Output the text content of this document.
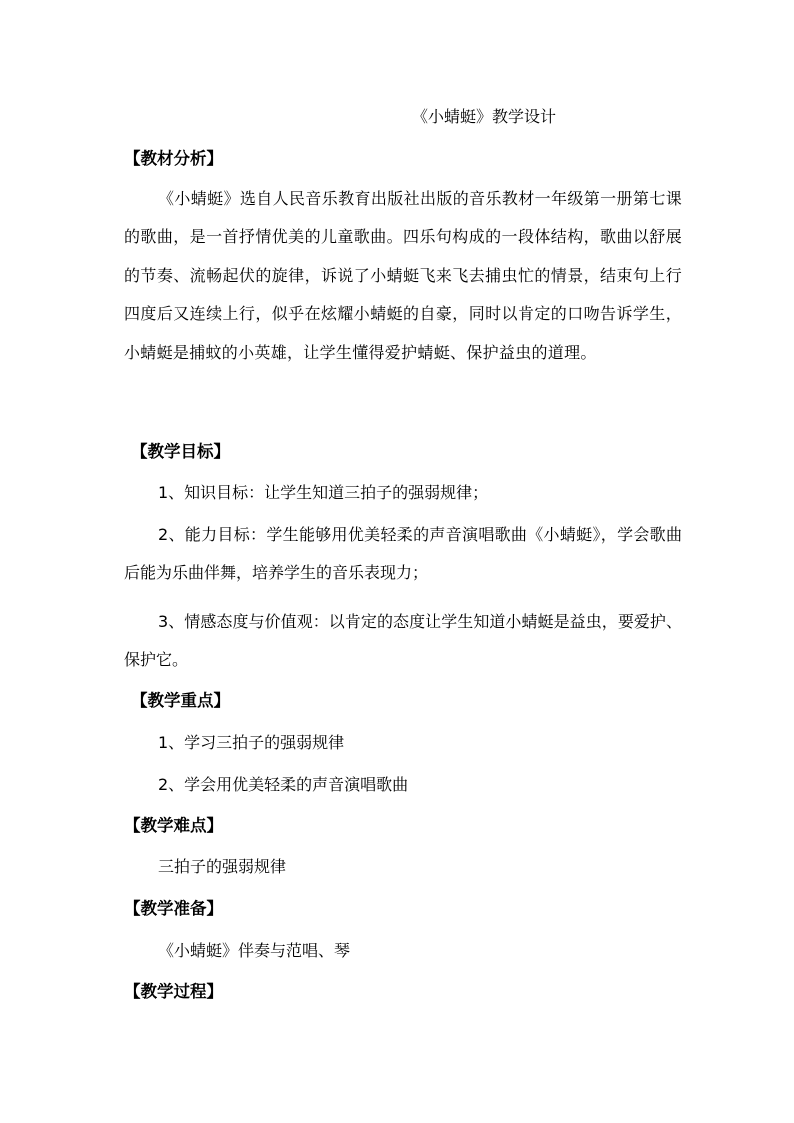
《小蜻蜓》教学设计
【教材分析】
《小蜻蜓》选自人民音乐教育出版社出版的音乐教材一年级第一册第七课的歌曲，是一首抒情优美的儿童歌曲。四乐句构成的一段体结构，歌曲以舒展的节奏、流畅起伏的旋律，诉说了小蜻蜓飞来飞去捕虫忙的情景，结束句上行四度后又连续上行，似乎在炫耀小蜻蜓的自豪，同时以肯定的口吻告诉学生，小蜻蜓是捕蚊的小英雄，让学生懂得爱护蜻蜓、保护益虫的道理。
【教学目标】
1、知识目标：让学生知道三拍子的强弱规律；
2、能力目标：学生能够用优美轻柔的声音演唱歌曲《小蜻蜓》，学会歌曲后能为乐曲伴舞，培养学生的音乐表现力；
3、情感态度与价值观：以肯定的态度让学生知道小蜻蜓是益虫，要爱护、保护它。
【教学重点】
1、学习三拍子的强弱规律
2、学会用优美轻柔的声音演唱歌曲
【教学难点】
三拍子的强弱规律
【教学准备】
《小蜻蜓》伴奏与范唱、琴
【教学过程】
